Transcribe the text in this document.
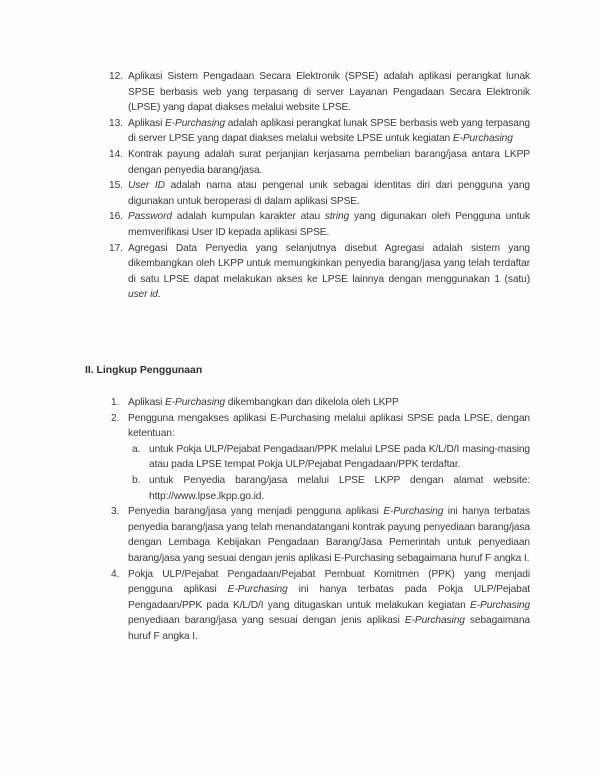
12. Aplikasi Sistem Pengadaan Secara Elektronik (SPSE) adalah aplikasi perangkat lunak SPSE berbasis web yang terpasang di server Layanan Pengadaan Secara Elektronik (LPSE) yang dapat diakses melalui website LPSE.
13. Aplikasi E-Purchasing adalah aplikasi perangkat lunak SPSE berbasis web yang terpasang di server LPSE yang dapat diakses melalui website LPSE untuk kegiatan E-Purchasing
14. Kontrak payung adalah surat perjanjian kerjasama pembelian barang/jasa antara LKPP dengan penyedia barang/jasa.
15. User ID adalah nama atau pengenal unik sebagai identitas diri dari pengguna yang digunakan untuk beroperasi di dalam aplikasi SPSE.
16. Password adalah kumpulan karakter atau string yang digunakan oleh Pengguna untuk memverifikasi User ID kepada aplikasi SPSE.
17. Agregasi Data Penyedia yang selanjutnya disebut Agregasi adalah sistem yang dikembangkan oleh LKPP untuk memungkinkan penyedia barang/jasa yang telah terdaftar di satu LPSE dapat melakukan akses ke LPSE lainnya dengan menggunakan 1 (satu) user id.
II. Lingkup Penggunaan
1. Aplikasi E-Purchasing dikembangkan dan dikelola oleh LKPP
2. Pengguna mengakses aplikasi E-Purchasing melalui aplikasi SPSE pada LPSE, dengan ketentuan:
a. untuk Pokja ULP/Pejabat Pengadaan/PPK melalui LPSE pada K/L/D/I masing-masing atau pada LPSE tempat Pokja ULP/Pejabat Pengadaan/PPK terdaftar.
b. untuk Penyedia barang/jasa melalui LPSE LKPP dengan alamat website: http://www.lpse.lkpp.go.id.
3. Penyedia barang/jasa yang menjadi pengguna aplikasi E-Purchasing ini hanya terbatas penyedia barang/jasa yang telah menandatangani kontrak payung penyediaan barang/jasa dengan Lembaga Kebijakan Pengadaan Barang/Jasa Pemerintah untuk penyediaan barang/jasa yang sesuai dengan jenis aplikasi E-Purchasing sebagaimana huruf F angka I.
4. Pokja ULP/Pejabat Pengadaan/Pejabat Pembuat Komitmen (PPK) yang menjadi pengguna aplikasi E-Purchasing ini hanya terbatas pada Pokja ULP/Pejabat Pengadaan/PPK pada K/L/D/I yang ditugaskan untuk melakukan kegiatan E-Purchasing penyediaan barang/jasa yang sesuai dengan jenis aplikasi E-Purchasing sebagaimana huruf F angka I.
